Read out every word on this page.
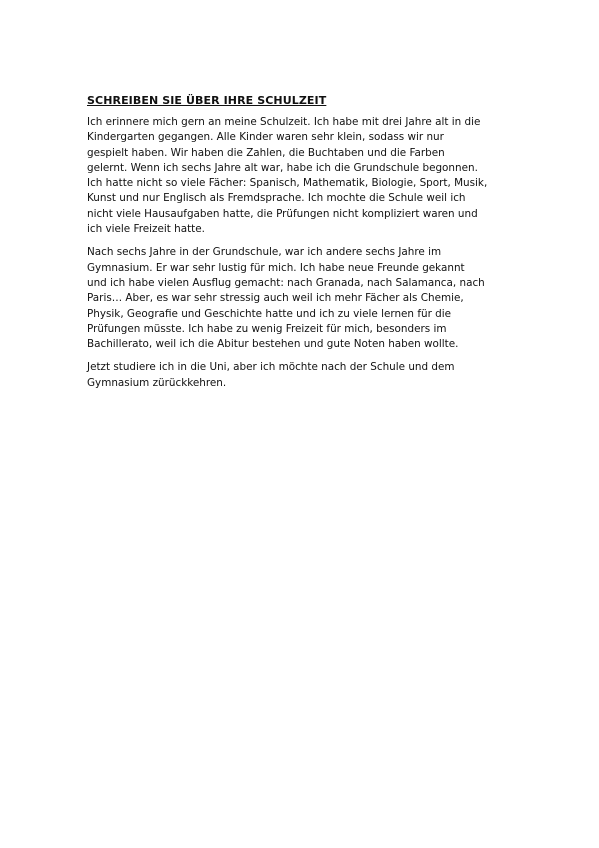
SCHREIBEN SIE ÜBER IHRE SCHULZEIT

Ich erinnere mich gern an meine Schulzeit. Ich habe mit drei Jahre alt in die
Kindergarten gegangen. Alle Kinder waren sehr klein, sodass wir nur
gespielt haben. Wir haben die Zahlen, die Buchtaben und die Farben
gelernt. Wenn ich sechs Jahre alt war, habe ich die Grundschule begonnen.
Ich hatte nicht so viele Fächer: Spanisch, Mathematik, Biologie, Sport, Musik,
Kunst und nur Englisch als Fremdsprache. Ich mochte die Schule weil ich
nicht viele Hausaufgaben hatte, die Prüfungen nicht kompliziert waren und
ich viele Freizeit hatte.

Nach sechs Jahre in der Grundschule, war ich andere sechs Jahre im
Gymnasium. Er war sehr lustig für mich. Ich habe neue Freunde gekannt
und ich habe vielen Ausflug gemacht: nach Granada, nach Salamanca, nach
Paris… Aber, es war sehr stressig auch weil ich mehr Fächer als Chemie,
Physik, Geografie und Geschichte hatte und ich zu viele lernen für die
Prüfungen müsste. Ich habe zu wenig Freizeit für mich, besonders im
Bachillerato, weil ich die Abitur bestehen und gute Noten haben wollte.

Jetzt studiere ich in die Uni, aber ich möchte nach der Schule und dem
Gymnasium zürückkehren.
